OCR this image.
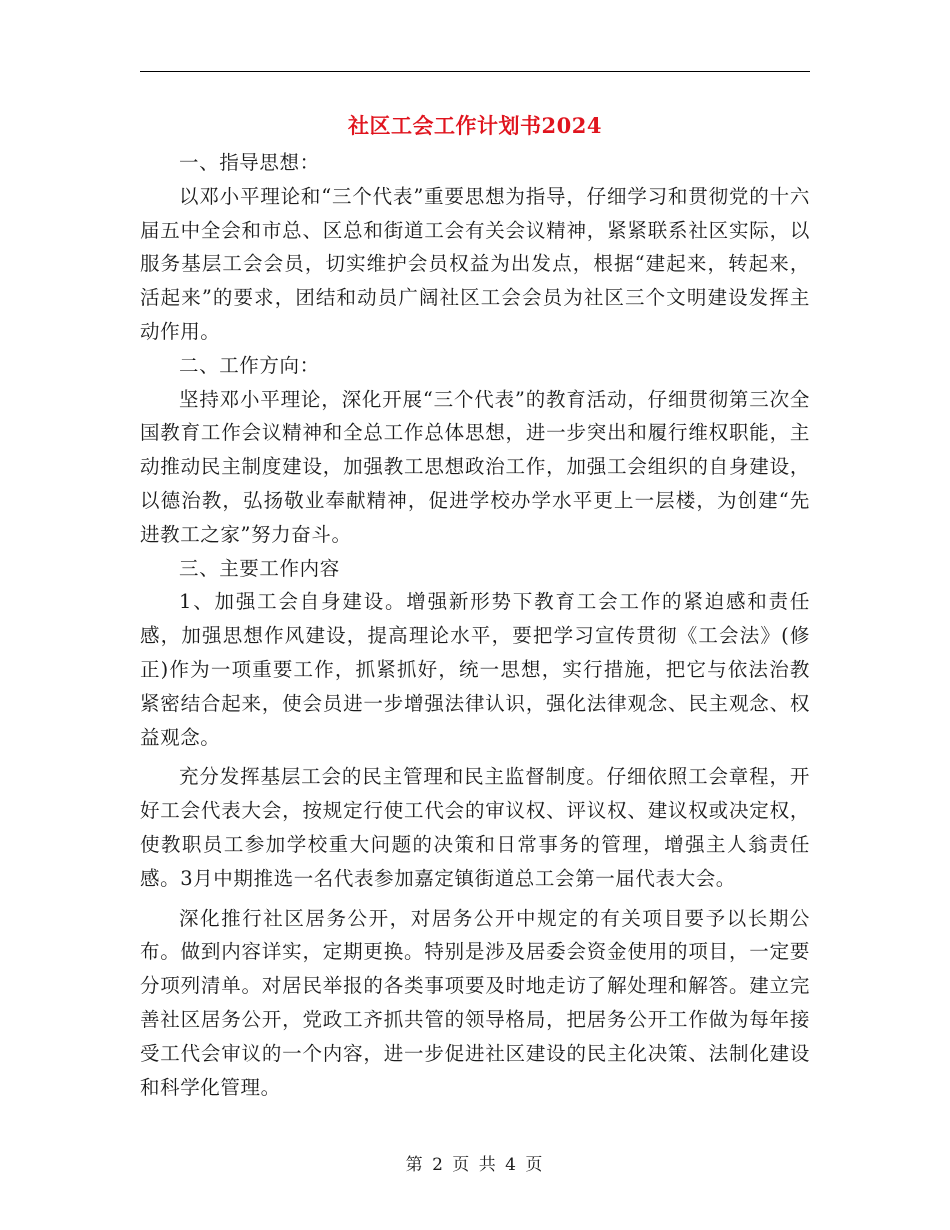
社区工会工作计划书2024

一、指导思想：

以邓小平理论和“三个代表”重要思想为指导，仔细学习和贯彻党的十六届五中全会和市总、区总和街道工会有关会议精神，紧紧联系社区实际，以服务基层工会会员，切实维护会员权益为出发点，根据“建起来，转起来，活起来”的要求，团结和动员广阔社区工会会员为社区三个文明建设发挥主动作用。

二、工作方向：

坚持邓小平理论，深化开展“三个代表”的教育活动，仔细贯彻第三次全国教育工作会议精神和全总工作总体思想，进一步突出和履行维权职能，主动推动民主制度建设，加强教工思想政治工作，加强工会组织的自身建设，以德治教，弘扬敬业奉献精神，促进学校办学水平更上一层楼，为创建“先进教工之家”努力奋斗。

三、主要工作内容

1、加强工会自身建设。增强新形势下教育工会工作的紧迫感和责任感，加强思想作风建设，提高理论水平，要把学习宣传贯彻《工会法》(修正)作为一项重要工作，抓紧抓好，统一思想，实行措施，把它与依法治教紧密结合起来，使会员进一步增强法律认识，强化法律观念、民主观念、权益观念。

充分发挥基层工会的民主管理和民主监督制度。仔细依照工会章程，开好工会代表大会，按规定行使工代会的审议权、评议权、建议权或决定权，使教职员工参加学校重大问题的决策和日常事务的管理，增强主人翁责任感。3月中期推选一名代表参加嘉定镇街道总工会第一届代表大会。

深化推行社区居务公开，对居务公开中规定的有关项目要予以长期公布。做到内容详实，定期更换。特别是涉及居委会资金使用的项目，一定要分项列清单。对居民举报的各类事项要及时地走访了解处理和解答。建立完善社区居务公开，党政工齐抓共管的领导格局，把居务公开工作做为每年接受工代会审议的一个内容，进一步促进社区建设的民主化决策、法制化建设和科学化管理。

第 2 页 共 4 页
